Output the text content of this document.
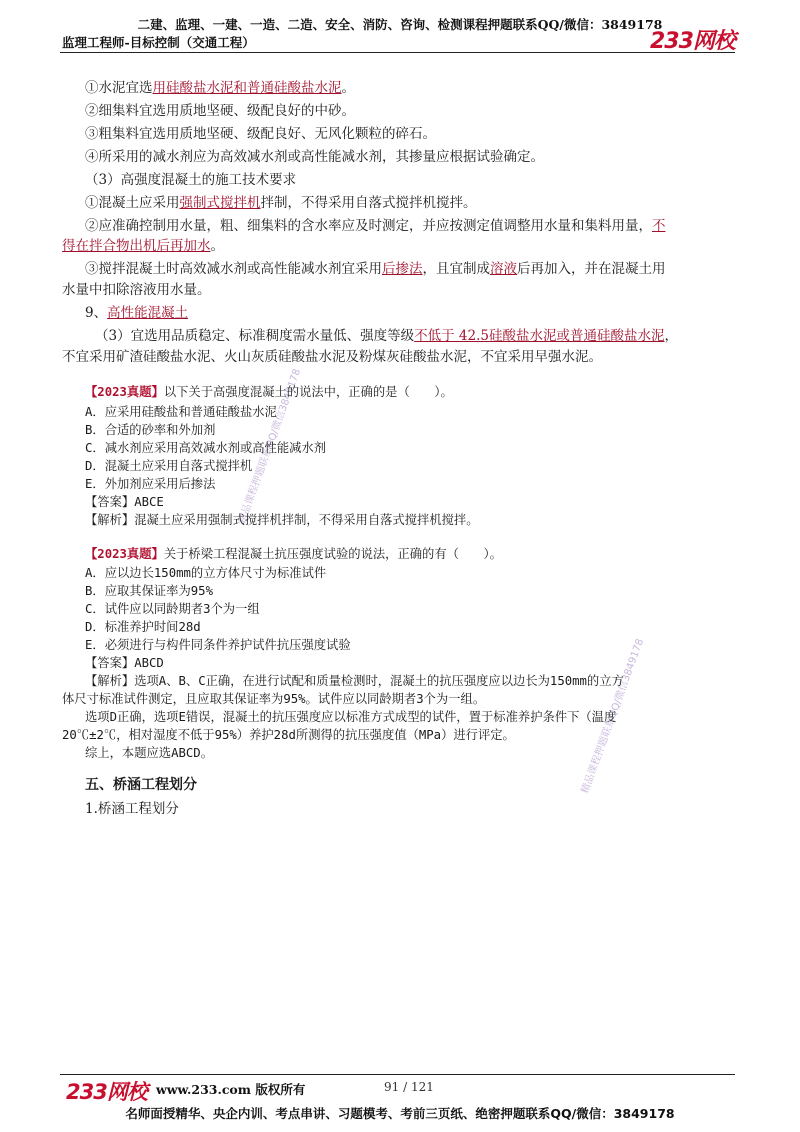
二建、监理、一建、一造、二造、安全、消防、咨询、检测课程押题联系QQ/微信：3849178
监理工程师-目标控制（交通工程）	233网校
精品课程押题联系QQ/微信3849178
精品课程押题联系QQ/微信3849178
①水泥宜选用硅酸盐水泥和普通硅酸盐水泥。
②细集料宜选用质地坚硬、级配良好的中砂。
③粗集料宜选用质地坚硬、级配良好、无风化颗粒的碎石。
④所采用的减水剂应为高效减水剂或高性能减水剂，其掺量应根据试验确定。
（3）高强度混凝土的施工技术要求
①混凝土应采用强制式搅拌机拌制，不得采用自落式搅拌机搅拌。
②应准确控制用水量，粗、细集料的含水率应及时测定，并应按测定值调整用水量和集料用量，不
得在拌合物出机后再加水。
③搅拌混凝土时高效减水剂或高性能减水剂宜采用后掺法，且宜制成溶液后再加入，并在混凝土用
水量中扣除溶液用水量。
9、高性能混凝土
（3）宜选用品质稳定、标准稠度需水量低、强度等级不低于 42.5硅酸盐水泥或普通硅酸盐水泥，
不宜采用矿渣硅酸盐水泥、火山灰质硅酸盐水泥及粉煤灰硅酸盐水泥，不宜采用早强水泥。
【2023真题】以下关于高强度混凝土的说法中，正确的是（　　）。
A．应采用硅酸盐和普通硅酸盐水泥
B．合适的砂率和外加剂
C．减水剂应采用高效减水剂或高性能减水剂
D．混凝土应采用自落式搅拌机
E．外加剂应采用后掺法
【答案】ABCE
【解析】混凝土应采用强制式搅拌机拌制，不得采用自落式搅拌机搅拌。
【2023真题】关于桥梁工程混凝土抗压强度试验的说法，正确的有（　　）。
A．应以边长150mm的立方体尺寸为标准试件
B．应取其保证率为95%
C．试件应以同龄期者3个为一组
D．标准养护时间28d
E．必须进行与构件同条件养护试件抗压强度试验
【答案】ABCD
【解析】选项A、B、C正确，在进行试配和质量检测时，混凝土的抗压强度应以边长为150mm的立方
体尺寸标准试件测定，且应取其保证率为95%。试件应以同龄期者3个为一组。
选项D正确，选项E错误，混凝土的抗压强度应以标准方式成型的试件，置于标准养护条件下（温度
20℃±2℃，相对湿度不低于95%）养护28d所测得的抗压强度值（MPa）进行评定。
综上，本题应选ABCD。
五、桥涵工程划分
1.桥涵工程划分
233网校 www.233.com 版权所有	91 / 121
名师面授精华、央企内训、考点串讲、习题模考、考前三页纸、绝密押题联系QQ/微信：3849178
